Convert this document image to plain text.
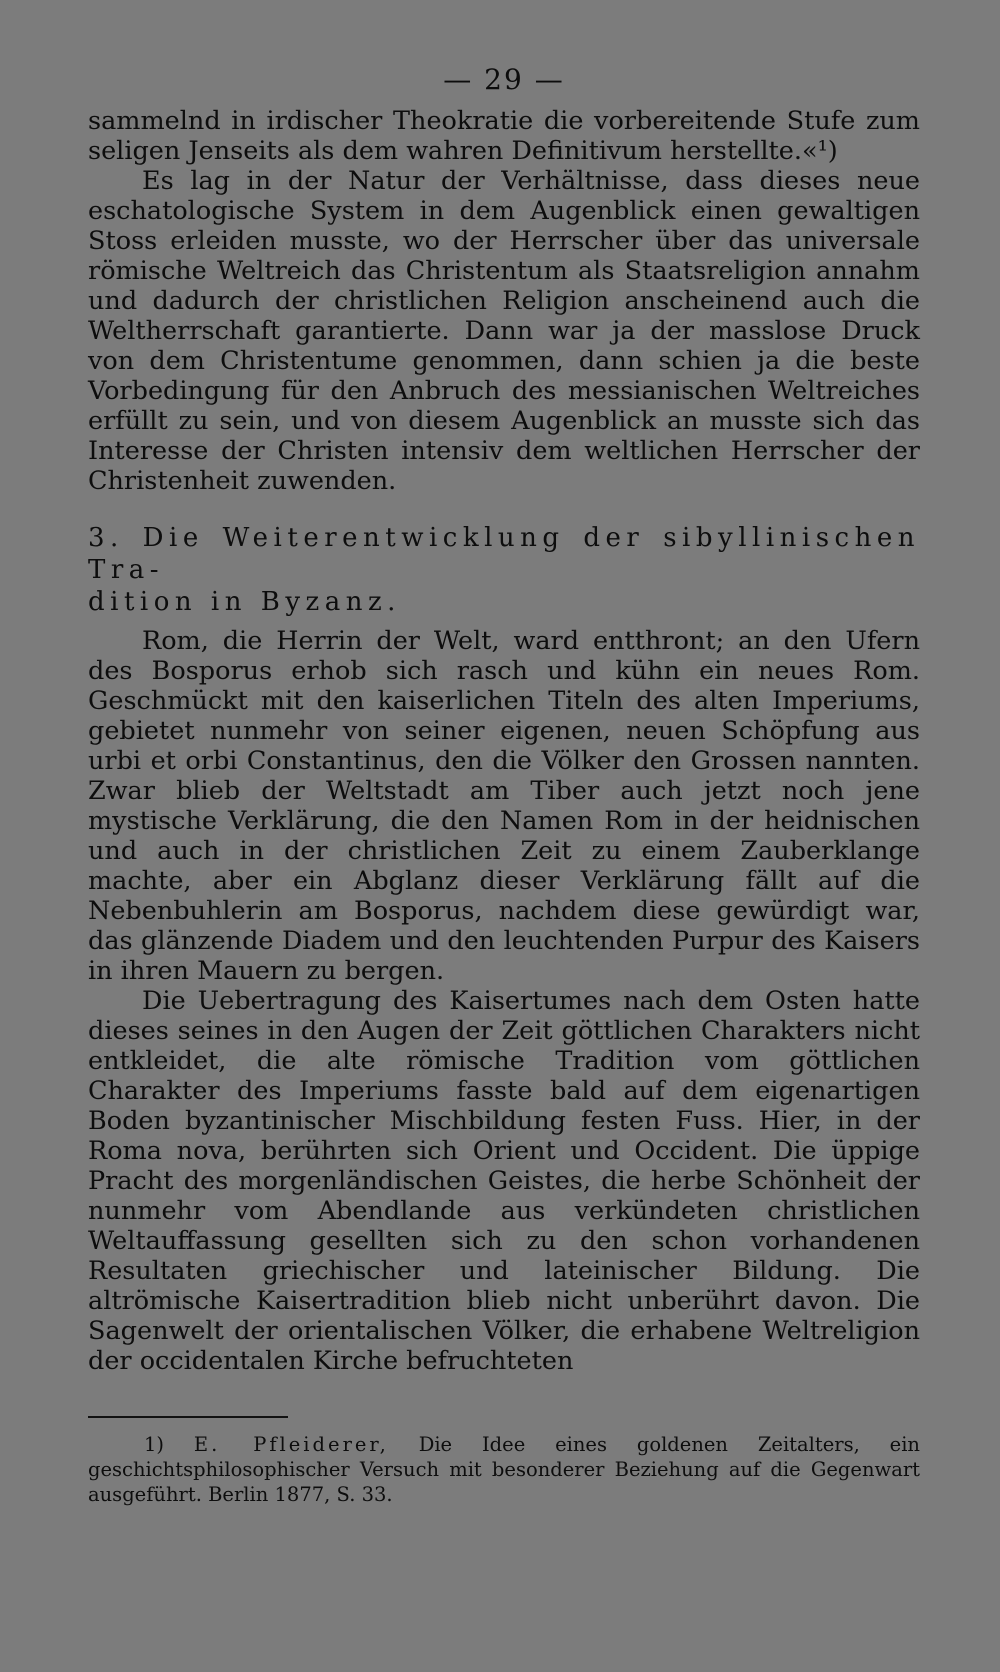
— 29 —

sammelnd in irdischer Theokratie die vorbereitende Stufe zum seligen Jenseits als dem wahren Definitivum herstellte.«¹)

Es lag in der Natur der Verhältnisse, dass dieses neue eschatologische System in dem Augenblick einen gewaltigen Stoss erleiden musste, wo der Herrscher über das universale römische Weltreich das Christentum als Staatsreligion annahm und dadurch der christlichen Religion anscheinend auch die Weltherrschaft garantierte. Dann war ja der masslose Druck von dem Christentume genommen, dann schien ja die beste Vorbedingung für den Anbruch des messianischen Weltreiches erfüllt zu sein, und von diesem Augenblick an musste sich das Interesse der Christen intensiv dem weltlichen Herrscher der Christenheit zuwenden.

3. Die Weiterentwicklung der sibyllinischen Tra-
dition in Byzanz.

Rom, die Herrin der Welt, ward entthront; an den Ufern des Bosporus erhob sich rasch und kühn ein neues Rom. Geschmückt mit den kaiserlichen Titeln des alten Imperiums, gebietet nunmehr von seiner eigenen, neuen Schöpfung aus urbi et orbi Constantinus, den die Völker den Grossen nannten. Zwar blieb der Weltstadt am Tiber auch jetzt noch jene mystische Verklärung, die den Namen Rom in der heidnischen und auch in der christlichen Zeit zu einem Zauberklange machte, aber ein Abglanz dieser Verklärung fällt auf die Nebenbuhlerin am Bosporus, nachdem diese gewürdigt war, das glänzende Diadem und den leuchtenden Purpur des Kaisers in ihren Mauern zu bergen.

Die Uebertragung des Kaisertumes nach dem Osten hatte dieses seines in den Augen der Zeit göttlichen Charakters nicht entkleidet, die alte römische Tradition vom göttlichen Charakter des Imperiums fasste bald auf dem eigenartigen Boden byzantinischer Mischbildung festen Fuss. Hier, in der Roma nova, berührten sich Orient und Occident. Die üppige Pracht des morgenländischen Geistes, die herbe Schönheit der nunmehr vom Abendlande aus verkündeten christlichen Weltauffassung gesellten sich zu den schon vorhandenen Resultaten griechischer und lateinischer Bildung. Die altrömische Kaisertradition blieb nicht unberührt davon. Die Sagenwelt der orientalischen Völker, die erhabene Weltreligion der occidentalen Kirche befruchteten

1) E. Pfleiderer, Die Idee eines goldenen Zeitalters, ein geschichtsphilosophischer Versuch mit besonderer Beziehung auf die Gegenwart ausgeführt. Berlin 1877, S. 33.
